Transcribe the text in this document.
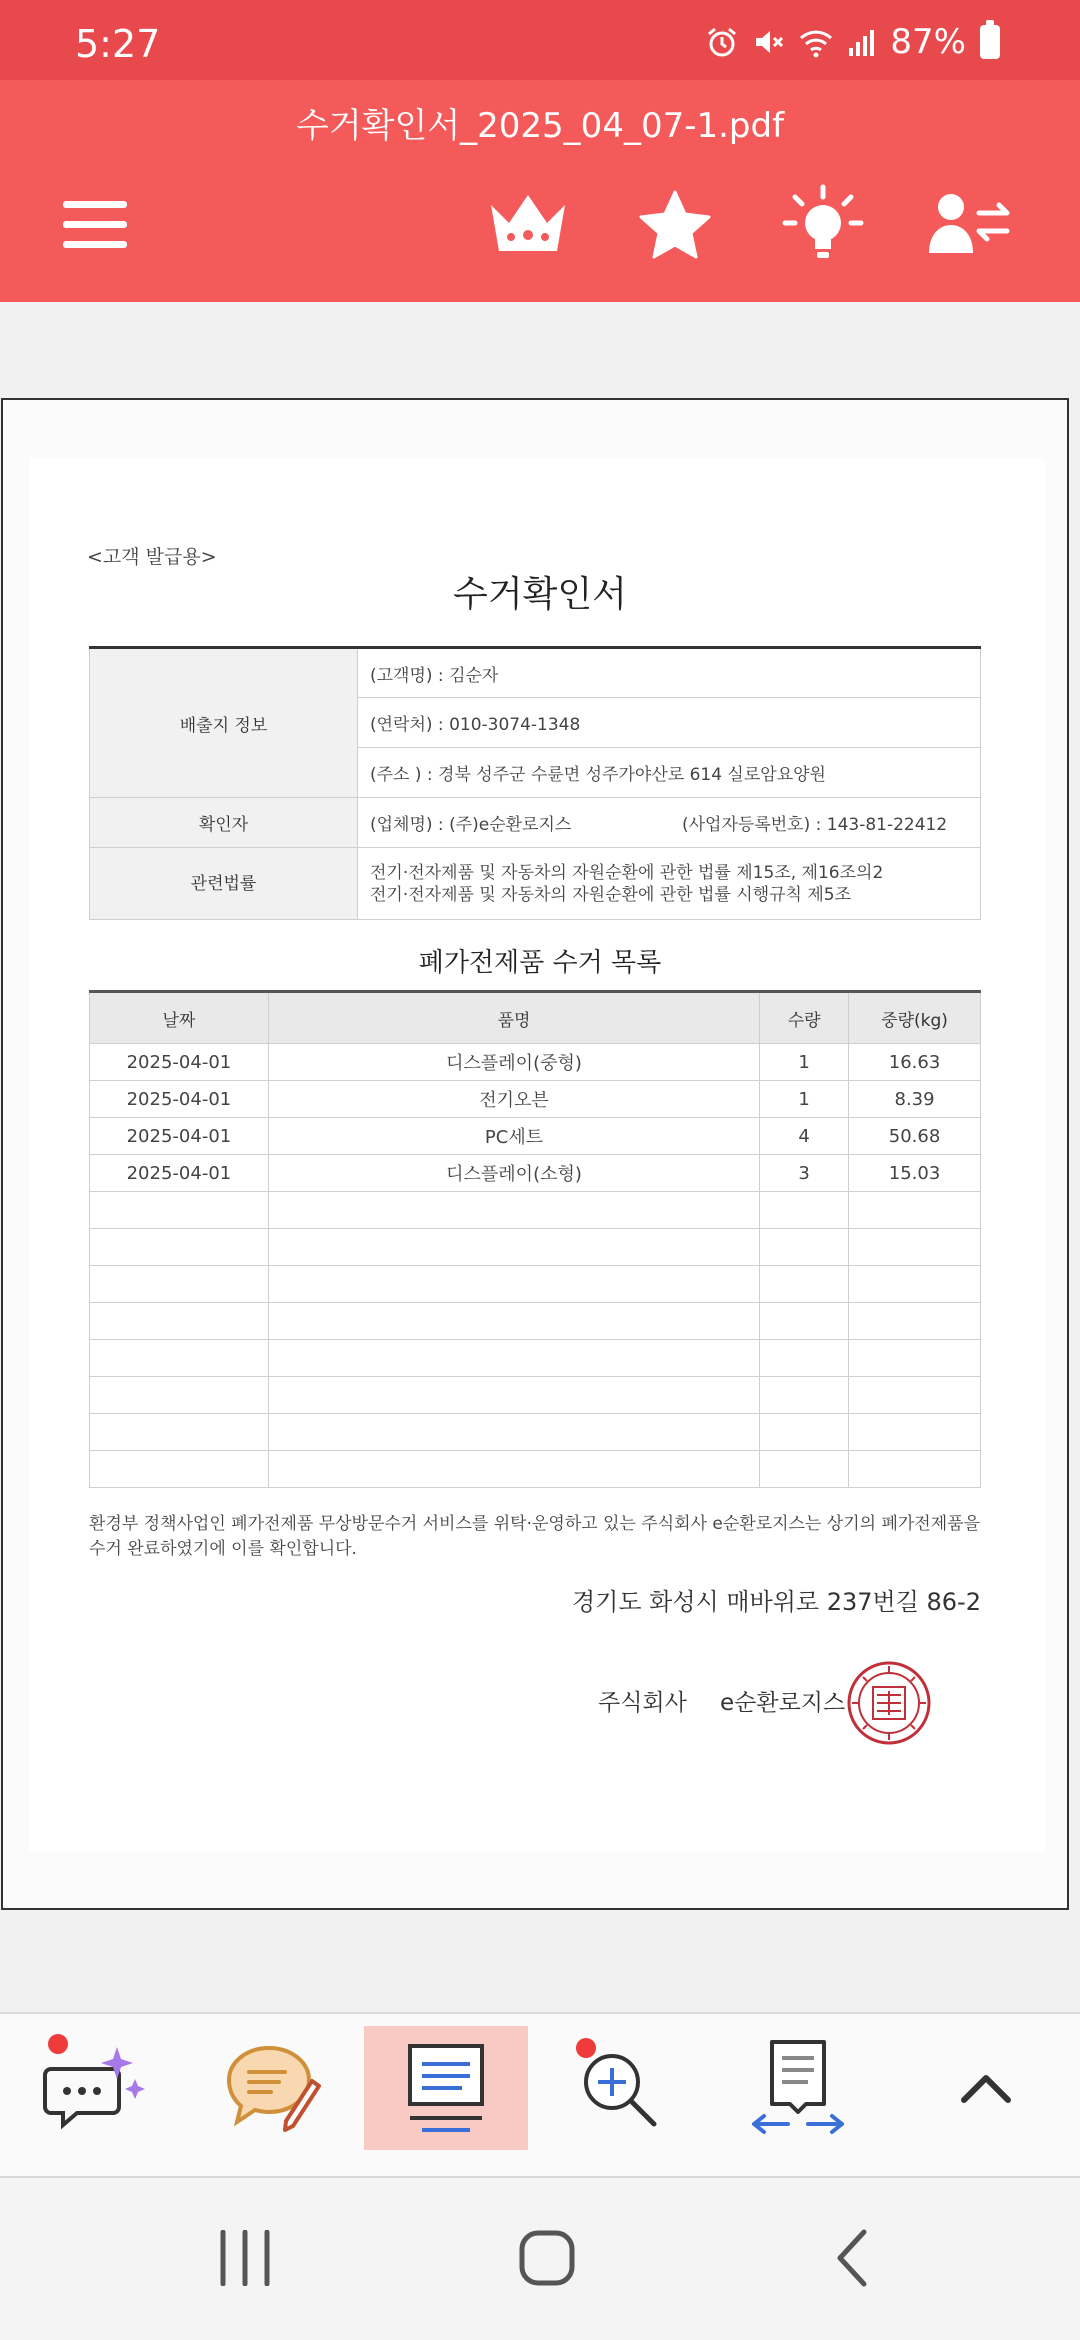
5:27	87%
수거확인서_2025_04_07-1.pdf
<고객 발급용>
수거확인서
배출지 정보	(고객명) : 김순자
	(연락처) : 010-3074-1348
	(주소 ) : 경북 성주군 수륜면 성주가야산로 614 실로암요양원
확인자	(업체명) : (주)e순환로지스 (사업자등록번호) : 143-81-22412
관련법률	전기·전자제품 및 자동차의 자원순환에 관한 법률 제15조, 제16조의2
전기·전자제품 및 자동차의 자원순환에 관한 법률 시행규칙 제5조
폐가전제품 수거 목록
날짜	품명	수량	중량(kg)
2025-04-01	디스플레이(중형)	1	16.63
2025-04-01	전기오븐	1	8.39
2025-04-01	PC세트	4	50.68
2025-04-01	디스플레이(소형)	3	15.03

환경부 정책사업인 폐가전제품 무상방문수거 서비스를 위탁·운영하고 있는 주식회사 e순환로지스는 상기의 폐가전제품을
수거 완료하였기에 이를 확인합니다.
경기도 화성시 매바위로 237번길 86-2
주식회사 e순환로지스
